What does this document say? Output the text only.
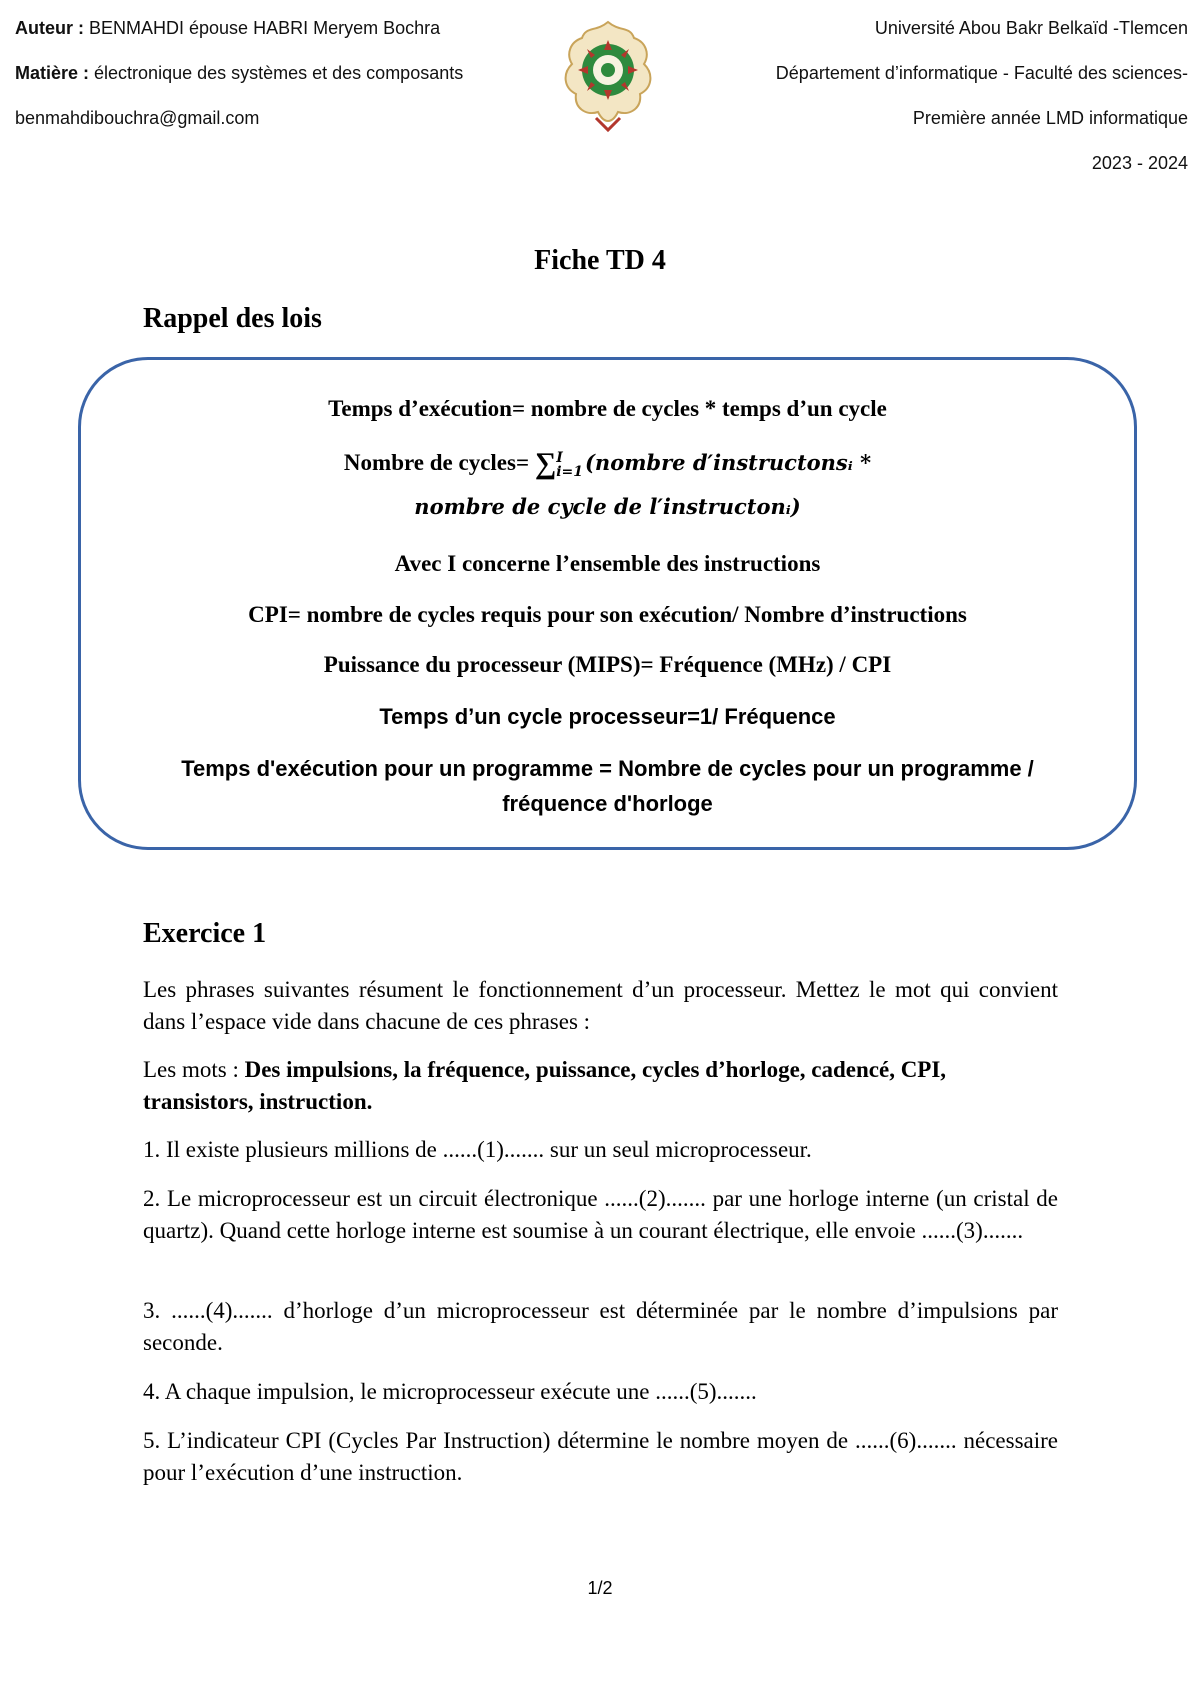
Auteur : BENMAHDI épouse HABRI Meryem Bochra
Matière : électronique des systèmes et des composants
benmahdibouchra@gmail.com
Université Abou Bakr Belkaïd -Tlemcen
Département d’informatique - Faculté des sciences-
Première année LMD informatique
2023 - 2024
Fiche TD 4
Rappel des lois
Temps d’exécution= nombre de cycles * temps d’un cycle
Nombre de cycles= ∑ I
i=1 (nombre d′instructonsᵢ *
nombre de cycle de l′instructonᵢ)
Avec I concerne l’ensemble des instructions
CPI= nombre de cycles requis pour son exécution/ Nombre d’instructions
Puissance du processeur (MIPS)= Fréquence (MHz) / CPI
Temps d’un cycle processeur=1/ Fréquence
Temps d'exécution pour un programme = Nombre de cycles pour un programme /
fréquence d'horloge
Exercice 1
Les phrases suivantes résument le fonctionnement d’un processeur. Mettez le mot qui convient dans l’espace vide dans chacune de ces phrases :
Les mots : Des impulsions, la fréquence, puissance, cycles d’horloge, cadencé, CPI, transistors, instruction.
1. Il existe plusieurs millions de ......(1)....... sur un seul microprocesseur.
2. Le microprocesseur est un circuit électronique ......(2)....... par une horloge interne (un cristal de quartz). Quand cette horloge interne est soumise à un courant électrique, elle envoie ......(3).......
3. ......(4)....... d’horloge d’un microprocesseur est déterminée par le nombre d’impulsions par seconde.
4. A chaque impulsion, le microprocesseur exécute une ......(5).......
5. L’indicateur CPI (Cycles Par Instruction) détermine le nombre moyen de ......(6)....... nécessaire pour l’exécution d’une instruction.
1/2
